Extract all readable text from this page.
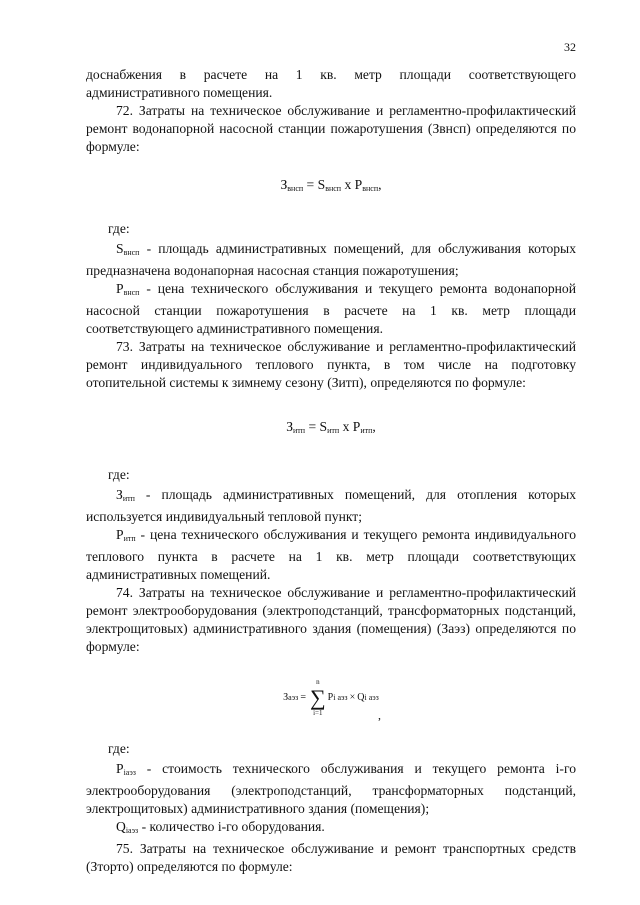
32

доснабжения в расчете на 1 кв. метр площади соответствующего административного помещения.

72. Затраты на техническое обслуживание и регламентно-профилактический ремонт водонапорной насосной станции пожаротушения (Звнсп) определяются по формуле:

$З_{внсп} = S_{внсп}$ x $P_{внсп}$,

где:

$S_{внсп}$ - площадь административных помещений, для обслуживания которых предназначена водонапорная насосная станция пожаротушения;

$P_{внсп}$ - цена технического обслуживания и текущего ремонта водонапорной насосной станции пожаротушения в расчете на 1 кв. метр площади соответствующего административного помещения.

73. Затраты на техническое обслуживание и регламентно-профилактический ремонт индивидуального теплового пункта, в том числе на подготовку отопительной системы к зимнему сезону (Зитп), определяются по формуле:

$З_{итп} = S_{итп}$ x $P_{итп}$,

где:

$З_{итп}$ - площадь административных помещений, для отопления которых используется индивидуальный тепловой пункт;

$P_{итп}$ - цена технического обслуживания и текущего ремонта индивидуального теплового пункта в расчете на 1 кв. метр площади соответствующих административных помещений.

74. Затраты на техническое обслуживание и регламентно-профилактический ремонт электрооборудования (электроподстанций, трансформаторных подстанций, электрощитовых) административного здания (помещения) (Заэз) определяются по формуле:

З аэз =
n
∑
i=1
P i аэз × Q i аэз
,

где:

$P_{iаэз}$ - стоимость технического обслуживания и текущего ремонта i-го электрооборудования (электроподстанций, трансформаторных подстанций, электрощитовых) административного здания (помещения);

$Q_{iаэз}$ - количество i-го оборудования.

75. Затраты на техническое обслуживание и ремонт транспортных средств (Зторто) определяются по формуле:
